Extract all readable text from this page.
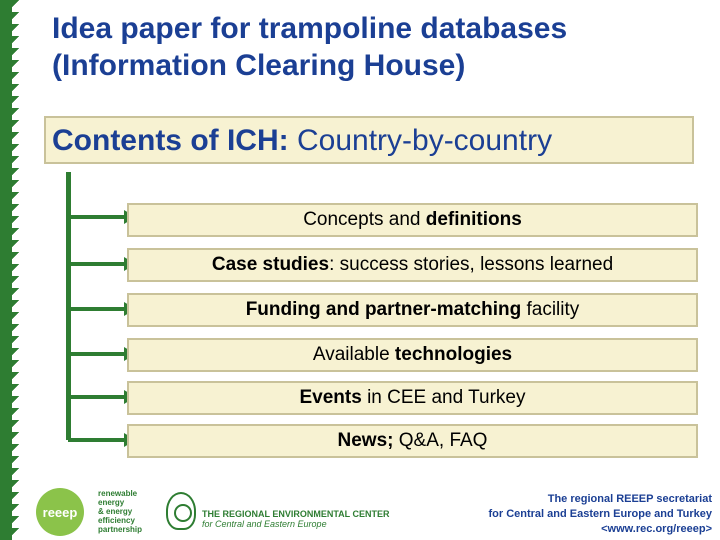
Idea paper for trampoline databases
(Information Clearing House)
Contents of ICH: Country-by-country
Concepts and definitions
Case studies : success stories, lessons learned
Funding and partner-matching facility
Available technologies
Events in CEE and Turkey
News; Q&A, FAQ
reeep
renewable
energy
& energy
efficiency
partnership
THE REGIONAL ENVIRONMENTAL CENTER
for Central and Eastern Europe
The regional REEEP secretariat
for Central and Eastern Europe and Turkey
<www.rec.org/reeep>
